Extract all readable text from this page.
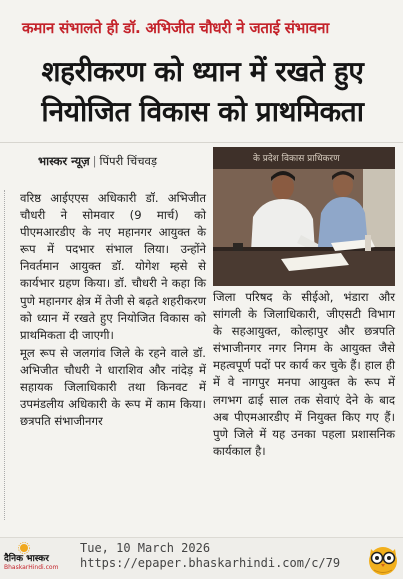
कमान संभालते ही डॉ. अभिजीत चौधरी ने जताई संभावना
शहरीकरण को ध्यान में रखते हुए
नियोजित विकास को प्राथमिकता
भास्कर न्यूज़ | पिंपरी चिंचवड़

वरिष्ठ आईएएस अधिकारी डॉ. अभिजीत चौधरी ने सोमवार (9 मार्च) को पीएमआरडीए के नए महानगर आयुक्त के रूप में पदभार संभाल लिया। उन्होंने निवर्तमान आयुक्त डॉ. योगेश म्हसे से कार्यभार ग्रहण किया। डॉ. चौधरी ने कहा कि पुणे महानगर क्षेत्र में तेजी से बढ़ते शहरीकरण को ध्यान में रखते हुए नियोजित विकास को प्राथमिकता दी जाएगी।

मूल रूप से जलगांव जिले के रहने वाले डॉ. अभिजीत चौधरी ने धाराशिव और नांदेड़ में सहायक जिलाधिकारी तथा किनवट में उपमंडलीय अधिकारी के रूप में काम किया। छत्रपति संभाजीनगर

के प्रदेश विकास प्राधिकरण

जिला परिषद के सीईओ, भंडारा और सांगली के जिलाधिकारी, जीएसटी विभाग के सहआयुक्त, कोल्हापुर और छत्रपति संभाजीनगर नगर निगम के आयुक्त जैसे महत्वपूर्ण पदों पर कार्य कर चुके हैं। हाल ही में वे नागपुर मनपा आयुक्त के रूप में लगभग ढाई साल तक सेवाएं देने के बाद अब पीएमआरडीए में नियुक्त किए गए हैं। पुणे जिले में यह उनका पहला प्रशासनिक कार्यकाल है।

दैनिक भास्कर
BhaskarHindi.com
Tue, 10 March 2026
https://epaper.bhaskarhindi.com/c/79
